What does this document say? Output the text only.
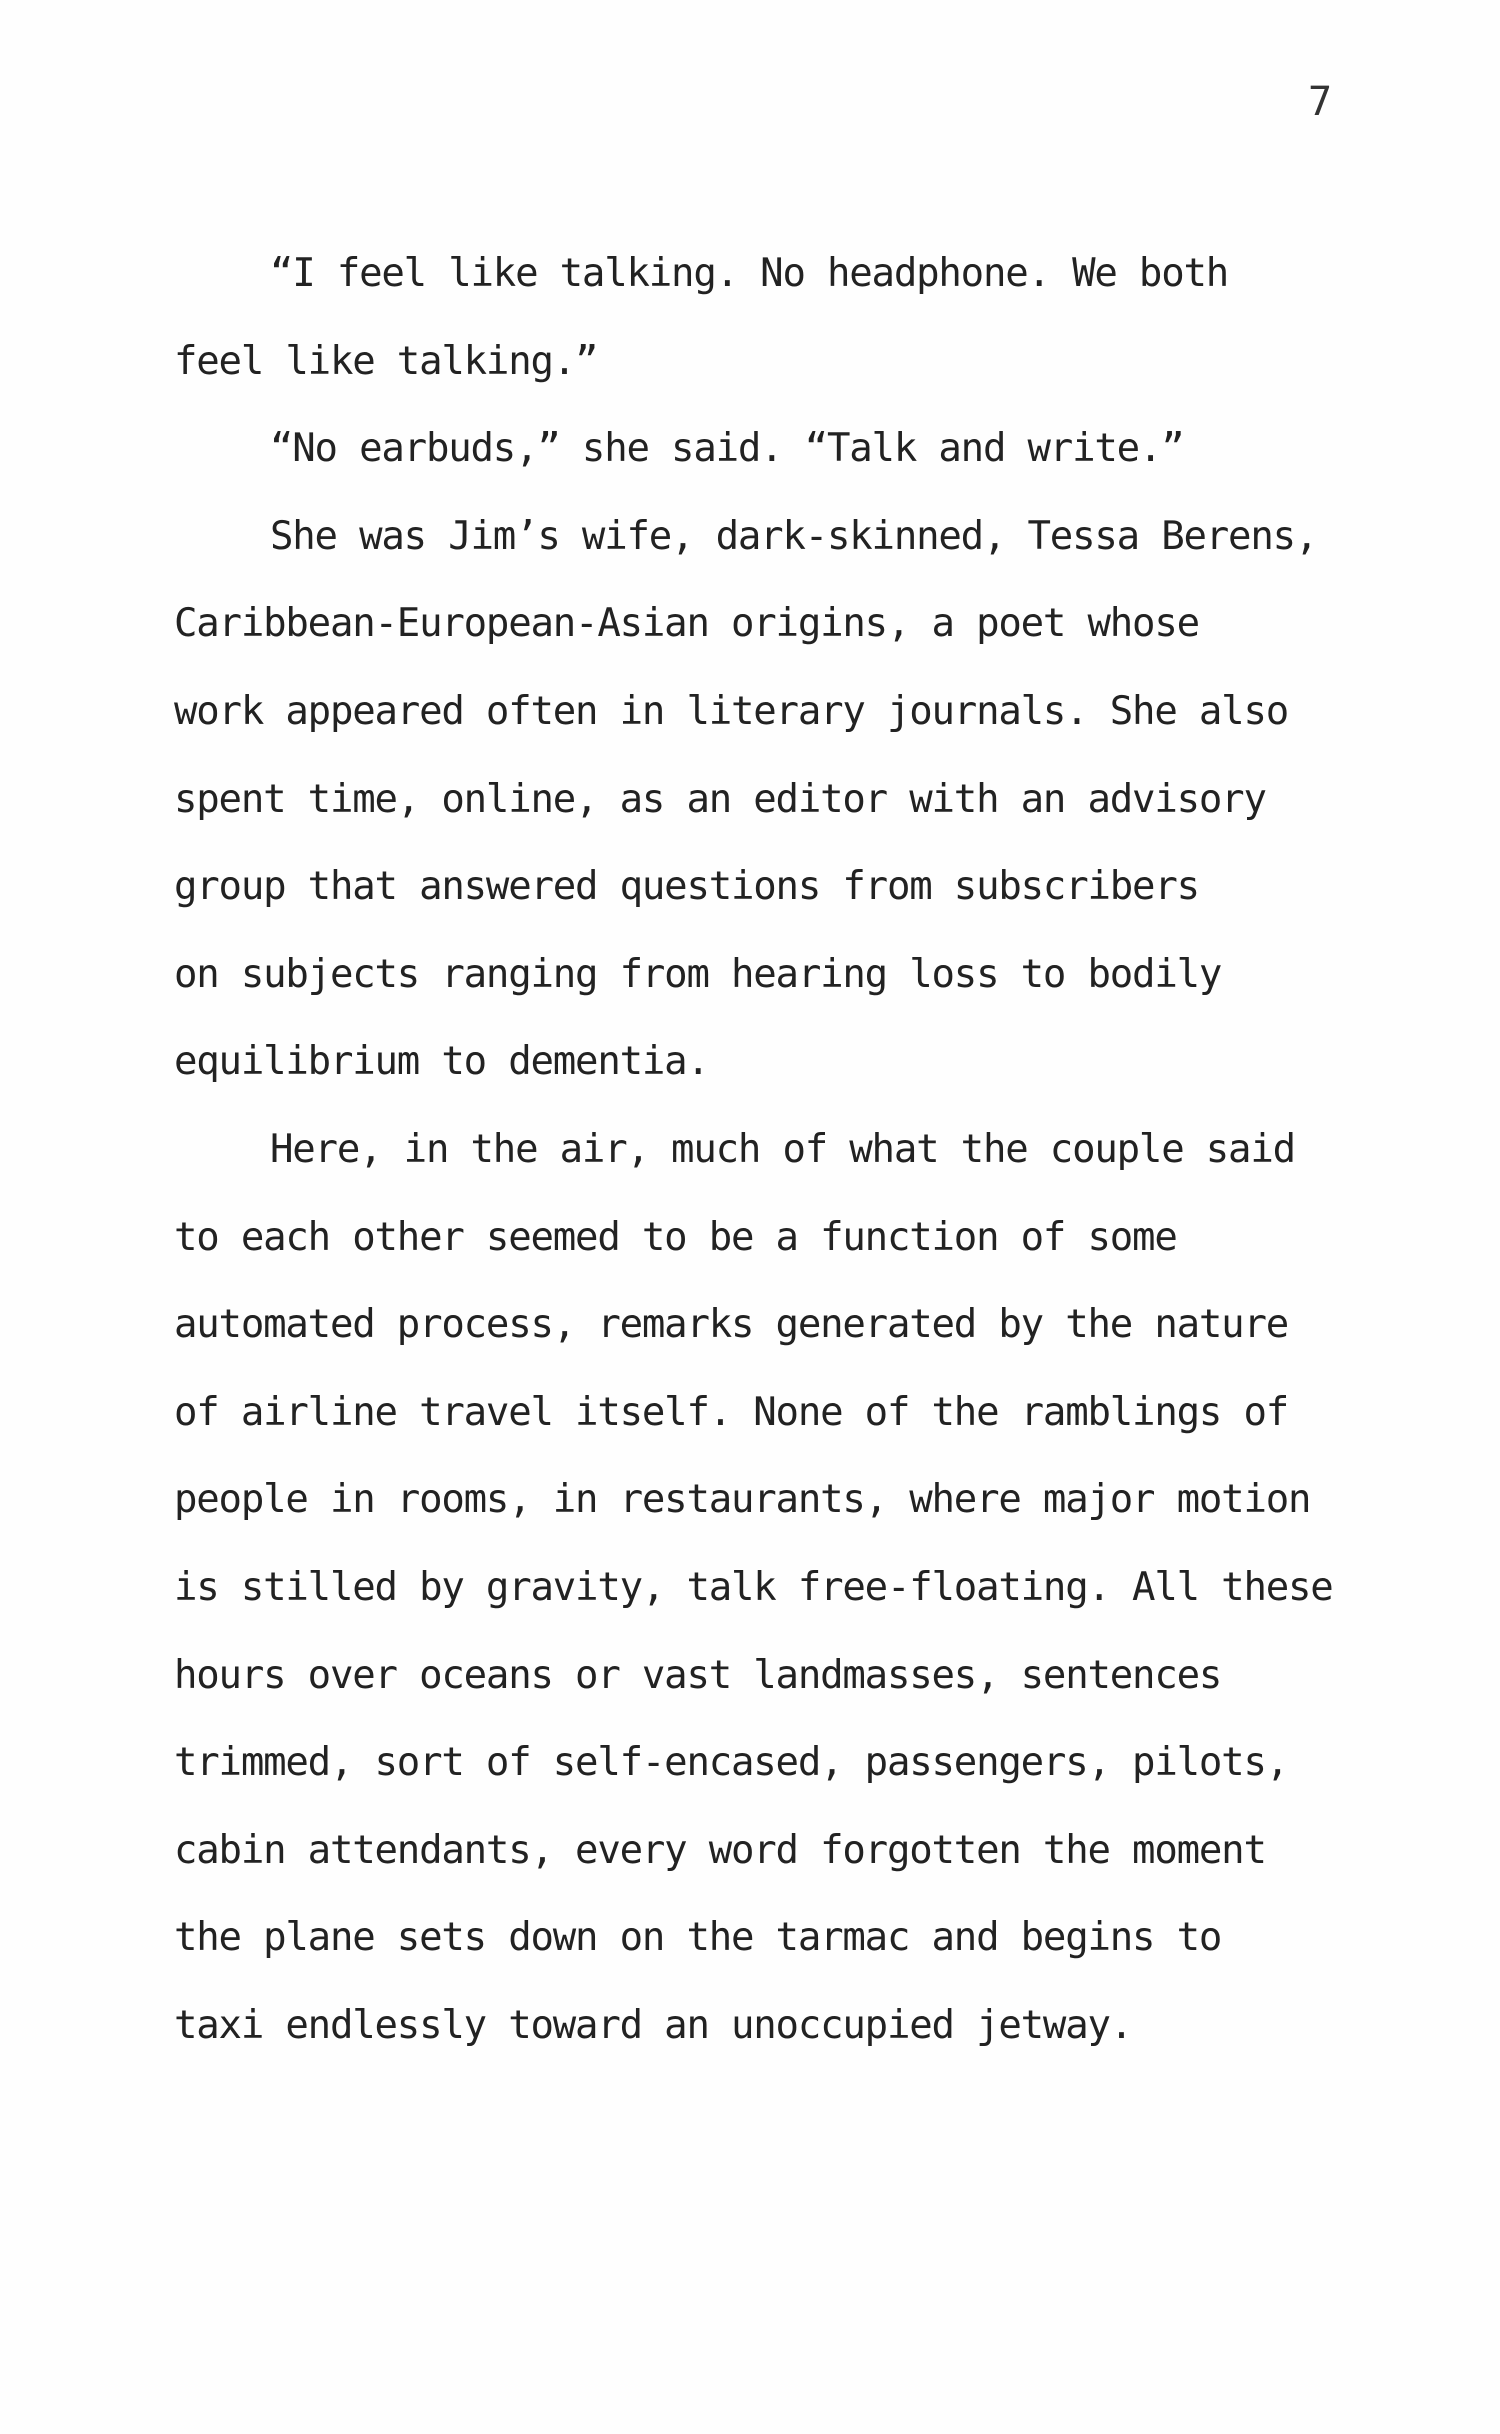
7
“I feel like talking. No headphone. We both
feel like talking.”
“No earbuds,” she said. “Talk and write.”
She was Jim’s wife, dark-skinned, Tessa Berens,
Caribbean-European-Asian origins, a poet whose
work appeared often in literary journals. She also
spent time, online, as an editor with an advisory
group that answered questions from subscribers
on subjects ranging from hearing loss to bodily
equilibrium to dementia.
Here, in the air, much of what the couple said
to each other seemed to be a function of some
automated process, remarks generated by the nature
of airline travel itself. None of the ramblings of
people in rooms, in restaurants, where major motion
is stilled by gravity, talk free-floating. All these
hours over oceans or vast landmasses, sentences
trimmed, sort of self-encased, passengers, pilots,
cabin attendants, every word forgotten the moment
the plane sets down on the tarmac and begins to
taxi endlessly toward an unoccupied jetway.
